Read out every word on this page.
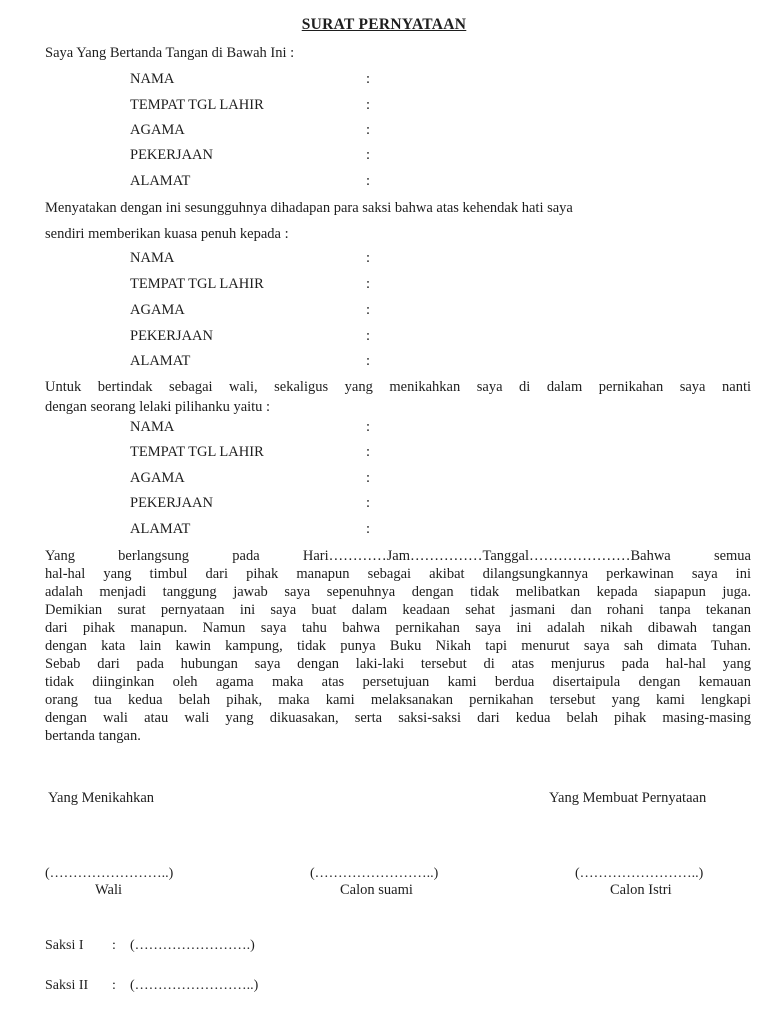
SURAT PERNYATAAN
Saya Yang Bertanda Tangan di Bawah Ini :
NAMA	:
TEMPAT TGL LAHIR	:
AGAMA	:
PEKERJAAN	:
ALAMAT	:
Menyatakan dengan ini sesungguhnya dihadapan para saksi bahwa atas kehendak hati saya
sendiri memberikan kuasa penuh kepada :
NAMA	:
TEMPAT TGL LAHIR	:
AGAMA	:
PEKERJAAN	:
ALAMAT	:
Untuk bertindak sebagai wali, sekaligus yang menikahkan saya di dalam pernikahan saya nanti
dengan seorang lelaki pilihanku yaitu :
NAMA	:
TEMPAT TGL LAHIR	:
AGAMA	:
PEKERJAAN	:
ALAMAT	:
Yang berlangsung pada Hari…………Jam……………Tanggal…………………Bahwa semua
hal-hal yang timbul dari pihak manapun sebagai akibat dilangsungkannya perkawinan saya ini
adalah menjadi tanggung jawab saya sepenuhnya dengan tidak melibatkan kepada siapapun juga.
Demikian surat pernyataan ini saya buat dalam keadaan sehat jasmani dan rohani tanpa tekanan
dari pihak manapun. Namun saya tahu bahwa pernikahan saya ini adalah nikah dibawah tangan
dengan kata lain kawin kampung, tidak punya Buku Nikah tapi menurut saya sah dimata Tuhan.
Sebab dari pada hubungan saya dengan laki-laki tersebut di atas menjurus pada hal-hal yang
tidak diinginkan oleh agama maka atas persetujuan kami berdua disertaipula dengan kemauan
orang tua kedua belah pihak, maka kami melaksanakan pernikahan tersebut yang kami lengkapi
dengan wali atau wali yang dikuasakan, serta saksi-saksi dari kedua belah pihak masing-masing
bertanda tangan.
Yang Menikahkan	Yang Membuat Pernyataan
(……………………..)	(……………………..)	(……………………..)
Wali	Calon suami	Calon Istri
Saksi I : (…………………….)
Saksi II : (……………………..)
